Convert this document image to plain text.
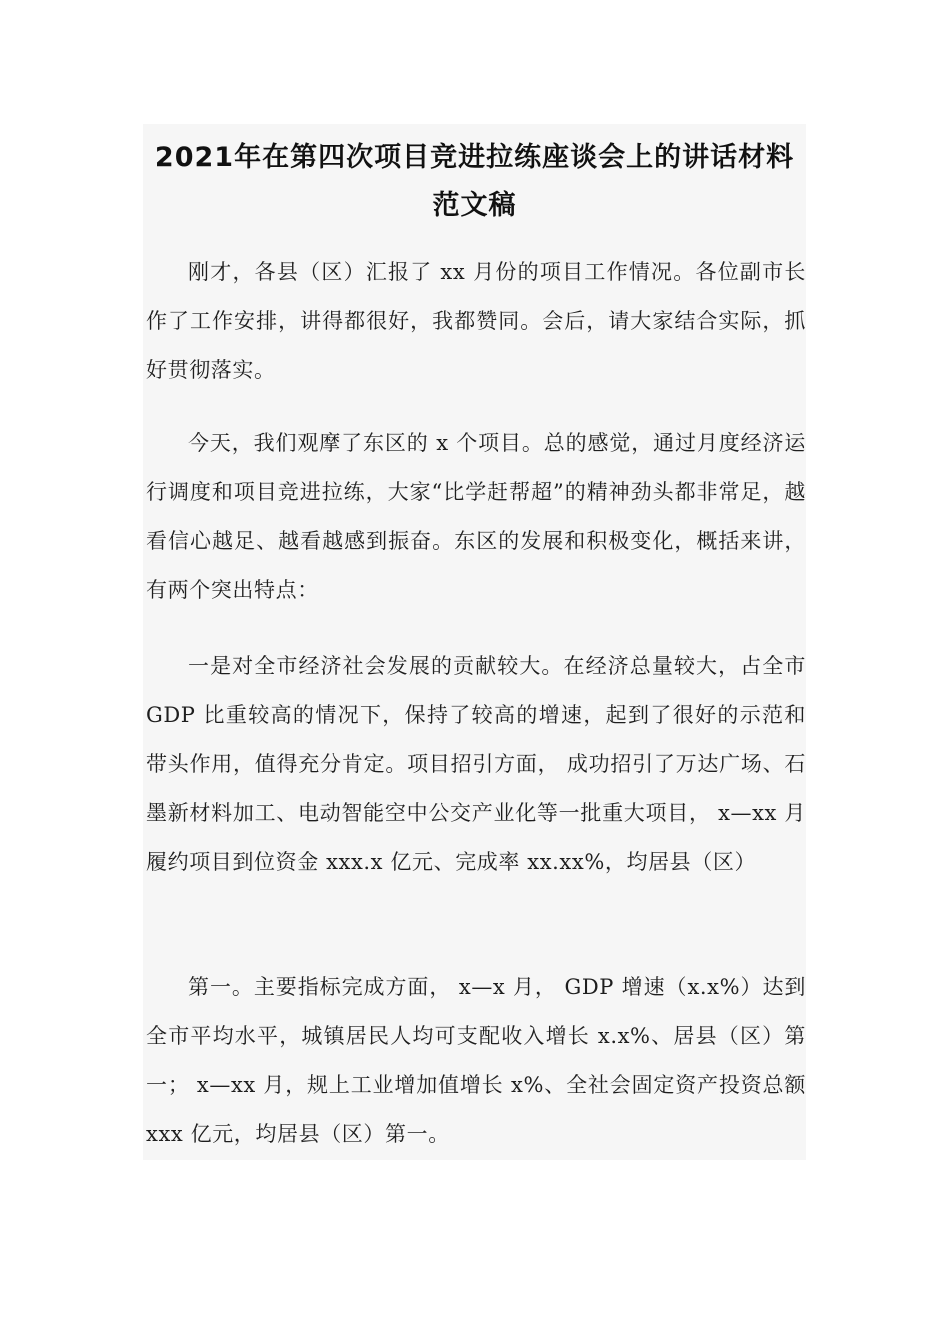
2021年在第四次项目竞进拉练座谈会上的讲话材料
范文稿

刚才，各县（区）汇报了 xx 月份的项目工作情况。各位副市长作了工作安排，讲得都很好，我都赞同。会后，请大家结合实际，抓好贯彻落实。

今天，我们观摩了东区的 x 个项目。总的感觉，通过月度经济运行调度和项目竞进拉练，大家“比学赶帮超”的精神劲头都非常足，越看信心越足、越看越感到振奋。东区的发展和积极变化，概括来讲，有两个突出特点：

一是对全市经济社会发展的贡献较大。在经济总量较大，占全市 GDP 比重较高的情况下，保持了较高的增速，起到了很好的示范和带头作用，值得充分肯定。项目招引方面， 成功招引了万达广场、石墨新材料加工、电动智能空中公交产业化等一批重大项目， x—xx 月履约项目到位资金 xxx.x 亿元、完成率 xx.xx%，均居县（区）

第一。主要指标完成方面， x—x 月， GDP 增速（x.x%）达到全市平均水平，城镇居民人均可支配收入增长 x.x%、居县（区）第一； x—xx 月，规上工业增加值增长 x%、全社会固定资产投资总额 xxx 亿元，均居县（区）第一。
